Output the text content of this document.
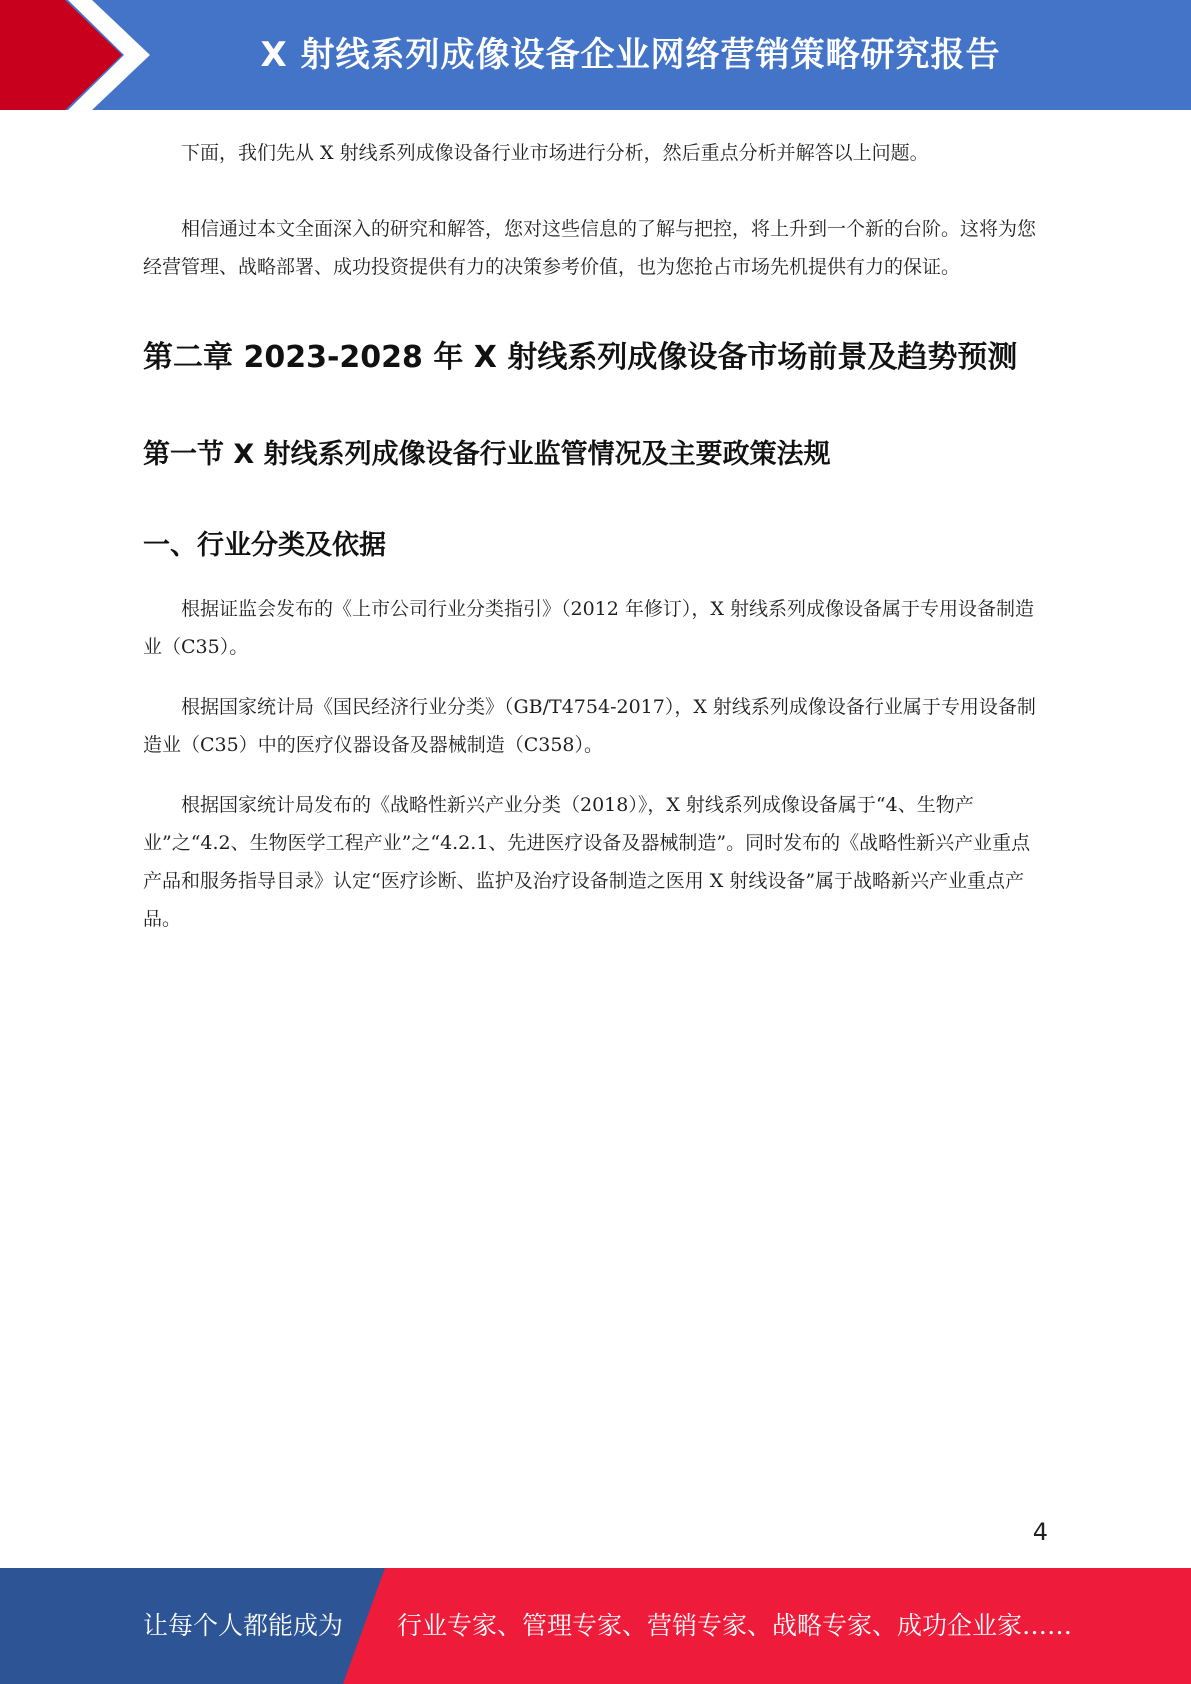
X 射线系列成像设备企业网络营销策略研究报告

下面，我们先从 X 射线系列成像设备行业市场进行分析，然后重点分析并解答以上问题。

相信通过本文全面深入的研究和解答，您对这些信息的了解与把控，将上升到一个新的台阶。这将为您经营管理、战略部署、成功投资提供有力的决策参考价值，也为您抢占市场先机提供有力的保证。

第二章 2023-2028 年 X 射线系列成像设备市场前景及趋势预测
第一节 X 射线系列成像设备行业监管情况及主要政策法规
一、行业分类及依据

根据证监会发布的《上市公司行业分类指引》（2012 年修订），X 射线系列成像设备属于专用设备制造业（C35）。

根据国家统计局《国民经济行业分类》（GB/T4754-2017），X 射线系列成像设备行业属于专用设备制造业（C35）中的医疗仪器设备及器械制造（C358）。

根据国家统计局发布的《战略性新兴产业分类（2018）》，X 射线系列成像设备属于“4、生物产业”之“4.2、生物医学工程产业”之“4.2.1、先进医疗设备及器械制造”。同时发布的《战略性新兴产业重点产品和服务指导目录》认定“医疗诊断、监护及治疗设备制造之医用 X 射线设备”属于战略新兴产业重点产品。

4
让每个人都能成为 行业专家、管理专家、营销专家、战略专家、成功企业家……
